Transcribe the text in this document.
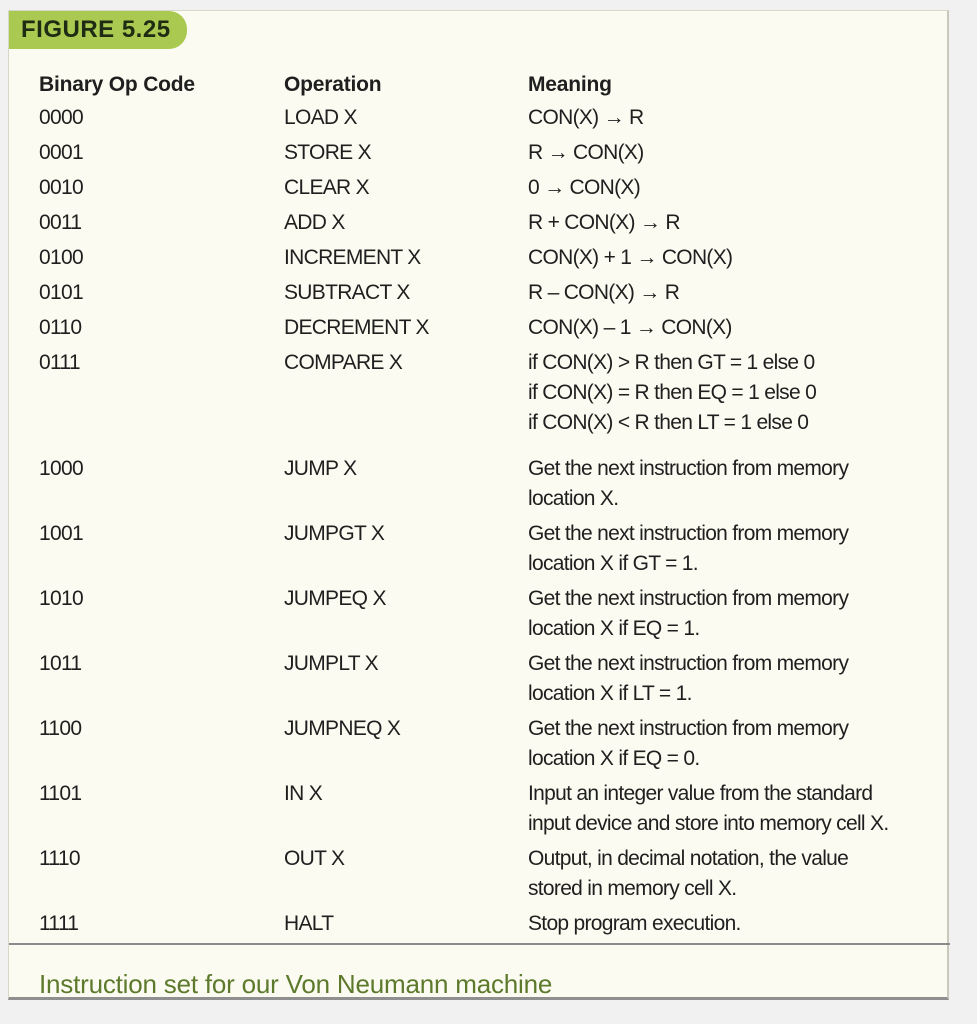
FIGURE 5.25
Binary Op Code	Operation	Meaning
0000	LOAD X	CON(X) → R
0001	STORE X	R → CON(X)
0010	CLEAR X	0 → CON(X)
0011	ADD X	R + CON(X) → R
0100	INCREMENT X	CON(X) + 1 → CON(X)
0101	SUBTRACT X	R – CON(X) → R
0110	DECREMENT X	CON(X) – 1 → CON(X)
0111	COMPARE X	if CON(X) > R then GT = 1 else 0
if CON(X) = R then EQ = 1 else 0
if CON(X) < R then LT = 1 else 0
1000	JUMP X	Get the next instruction from memory
location X.
1001	JUMPGT X	Get the next instruction from memory
location X if GT = 1.
1010	JUMPEQ X	Get the next instruction from memory
location X if EQ = 1.
1011	JUMPLT X	Get the next instruction from memory
location X if LT = 1.
1100	JUMPNEQ X	Get the next instruction from memory
location X if EQ = 0.
1101	IN X	Input an integer value from the standard
input device and store into memory cell X.
1110	OUT X	Output, in decimal notation, the value
stored in memory cell X.
1111	HALT	Stop program execution.
Instruction set for our Von Neumann machine
